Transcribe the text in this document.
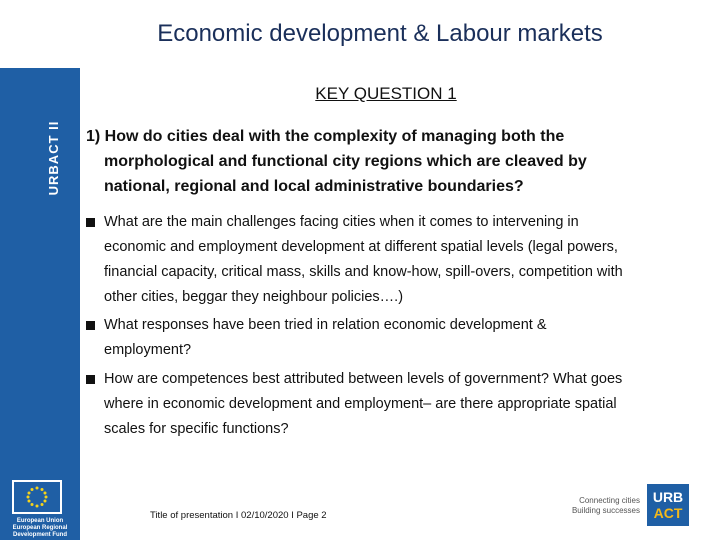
URBACT II
European Union
European Regional Development Fund
Economic development & Labour markets
KEY QUESTION 1
1) How do cities deal with the complexity of managing both the
morphological and functional city regions which are cleaved by
national, regional and local administrative boundaries?
What are the main challenges facing cities when it comes to intervening in
economic and employment development at different spatial levels (legal powers,
financial capacity, critical mass, skills and know-how, spill-overs, competition with
other cities, beggar they neighbour policies….)
What responses have been tried in relation economic development &
employment?
How are competences best attributed between levels of government? What goes
where in economic development and employment– are there appropriate spatial
scales for specific functions?
Title of presentation I 02/10/2020 I Page 2
Connecting cities
Building successes
URB
ACT
